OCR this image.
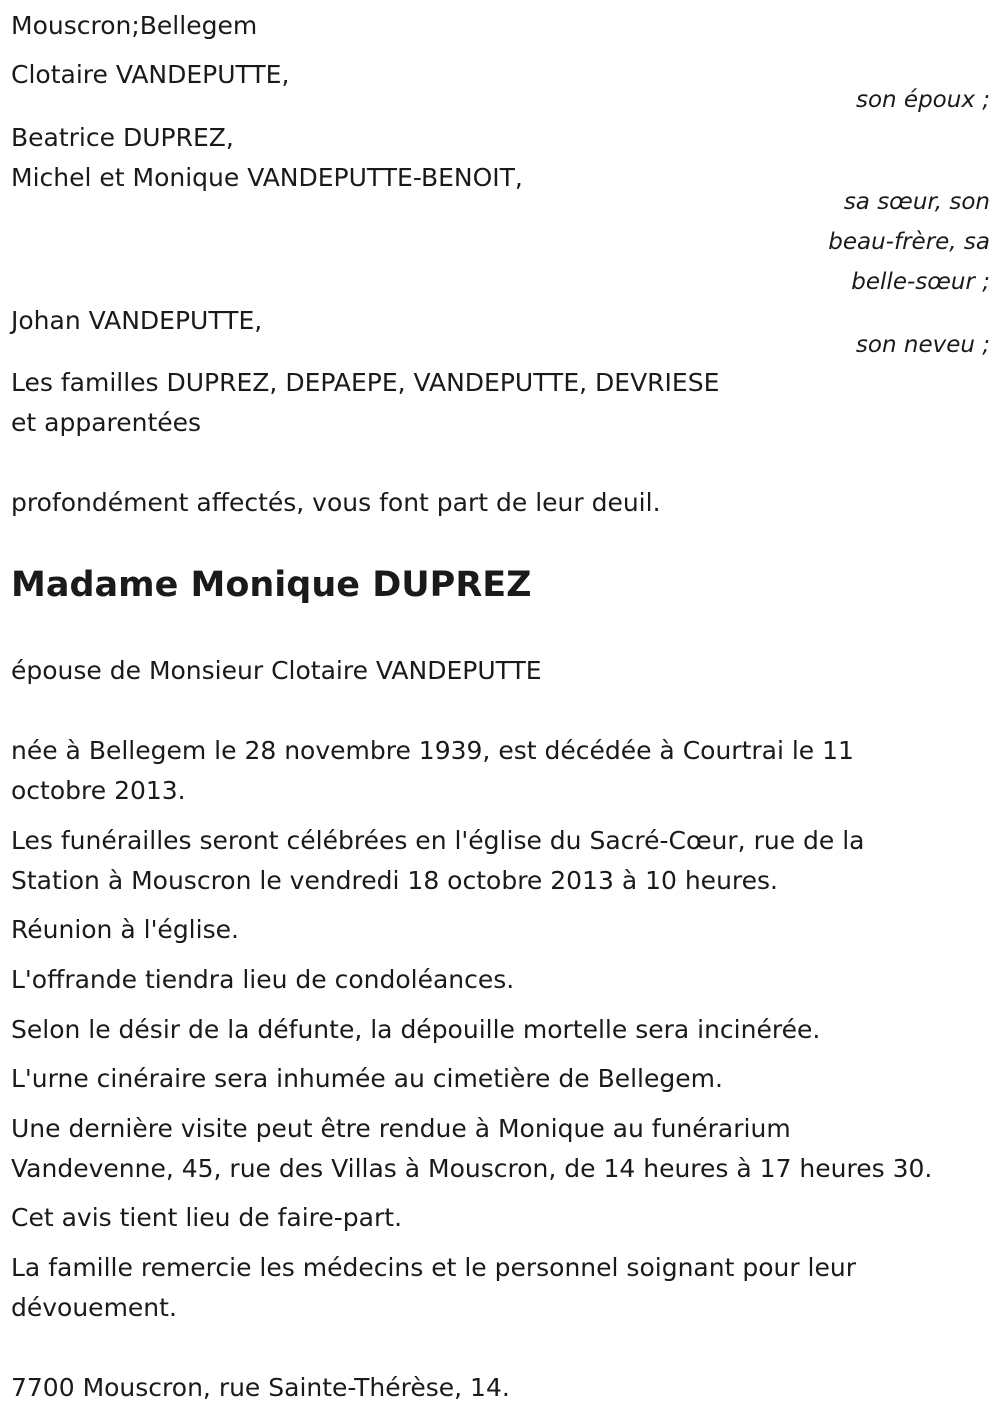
Mouscron;Bellegem
Clotaire VANDEPUTTE,
son époux ;
Beatrice DUPREZ,
Michel et Monique VANDEPUTTE-BENOIT,
sa sœur, son
beau-frère, sa
belle-sœur ;
Johan VANDEPUTTE,
son neveu ;
Les familles DUPREZ, DEPAEPE, VANDEPUTTE, DEVRIESE
et apparentées
profondément affectés, vous font part de leur deuil.
Madame Monique DUPREZ
épouse de Monsieur Clotaire VANDEPUTTE
née à Bellegem le 28 novembre 1939, est décédée à Courtrai le 11
octobre 2013.
Les funérailles seront célébrées en l'église du Sacré-Cœur, rue de la
Station à Mouscron le vendredi 18 octobre 2013 à 10 heures.
Réunion à l'église.
L'offrande tiendra lieu de condoléances.
Selon le désir de la défunte, la dépouille mortelle sera incinérée.
L'urne cinéraire sera inhumée au cimetière de Bellegem.
Une dernière visite peut être rendue à Monique au funérarium
Vandevenne, 45, rue des Villas à Mouscron, de 14 heures à 17 heures 30.
Cet avis tient lieu de faire-part.
La famille remercie les médecins et le personnel soignant pour leur
dévouement.
7700 Mouscron, rue Sainte-Thérèse, 14.
